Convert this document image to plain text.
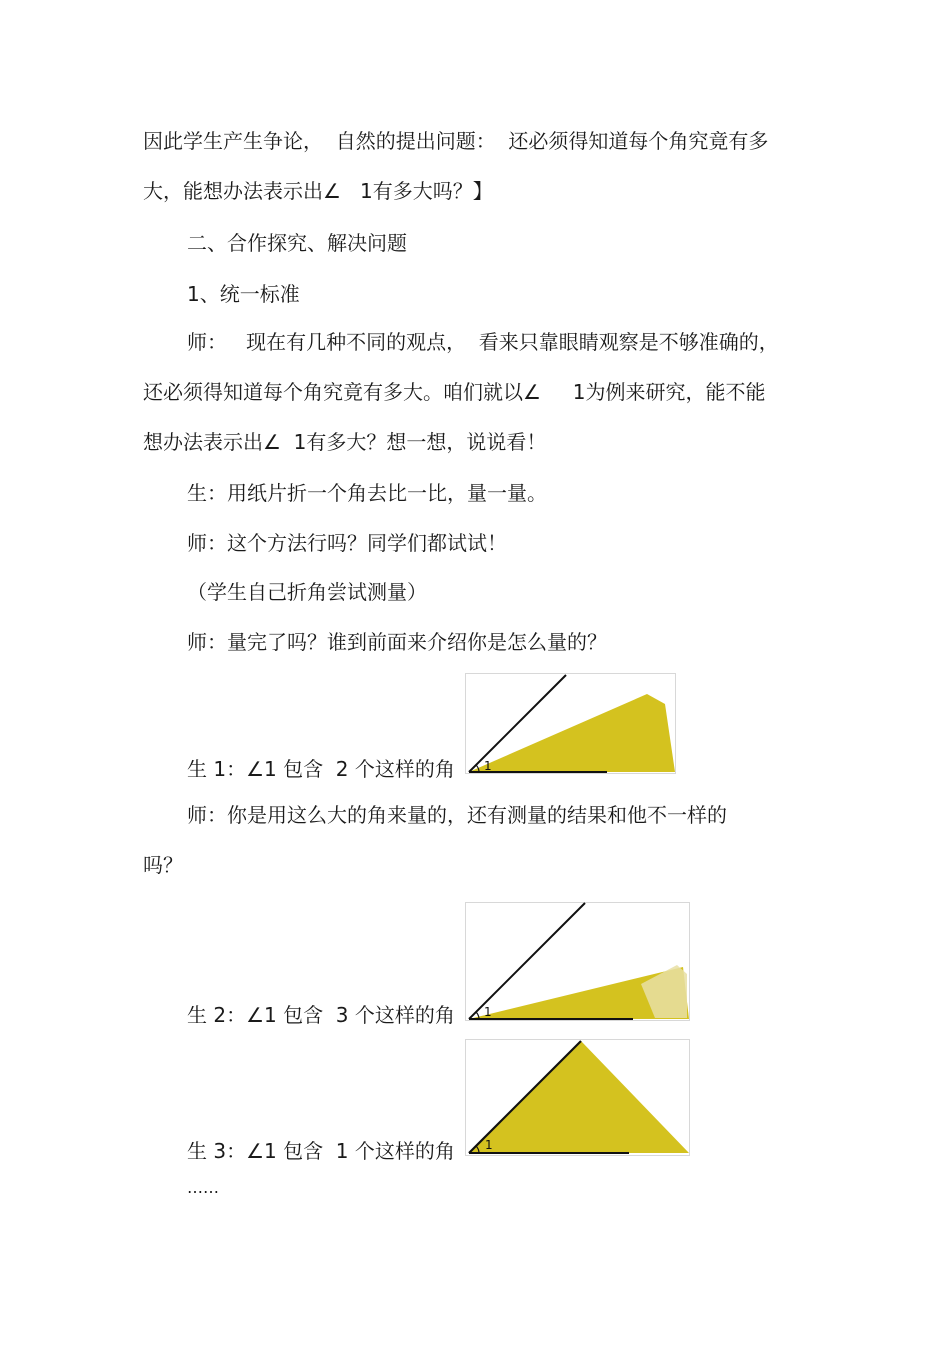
因此学生产生争论，  自然的提出问题：  还必须得知道每个角究竟有多
大，能想办法表示出∠   1有多大吗？】
二、合作探究、解决问题
1、统一标准
师：   现在有几种不同的观点，  看来只靠眼睛观察是不够准确的，
还必须得知道每个角究竟有多大。咱们就以∠     1为例来研究，能不能
想办法表示出∠  1有多大？想一想，说说看！
生：用纸片折一个角去比一比，量一量。
师：这个方法行吗？同学们都试试！
（学生自己折角尝试测量）
师：量完了吗？谁到前面来介绍你是怎么量的？
生 1：∠1 包含  2 个这样的角
师：你是用这么大的角来量的，还有测量的结果和他不一样的
吗？
生 2：∠1 包含  3 个这样的角
生 3：∠1 包含  1 个这样的角
……
1
1
1
